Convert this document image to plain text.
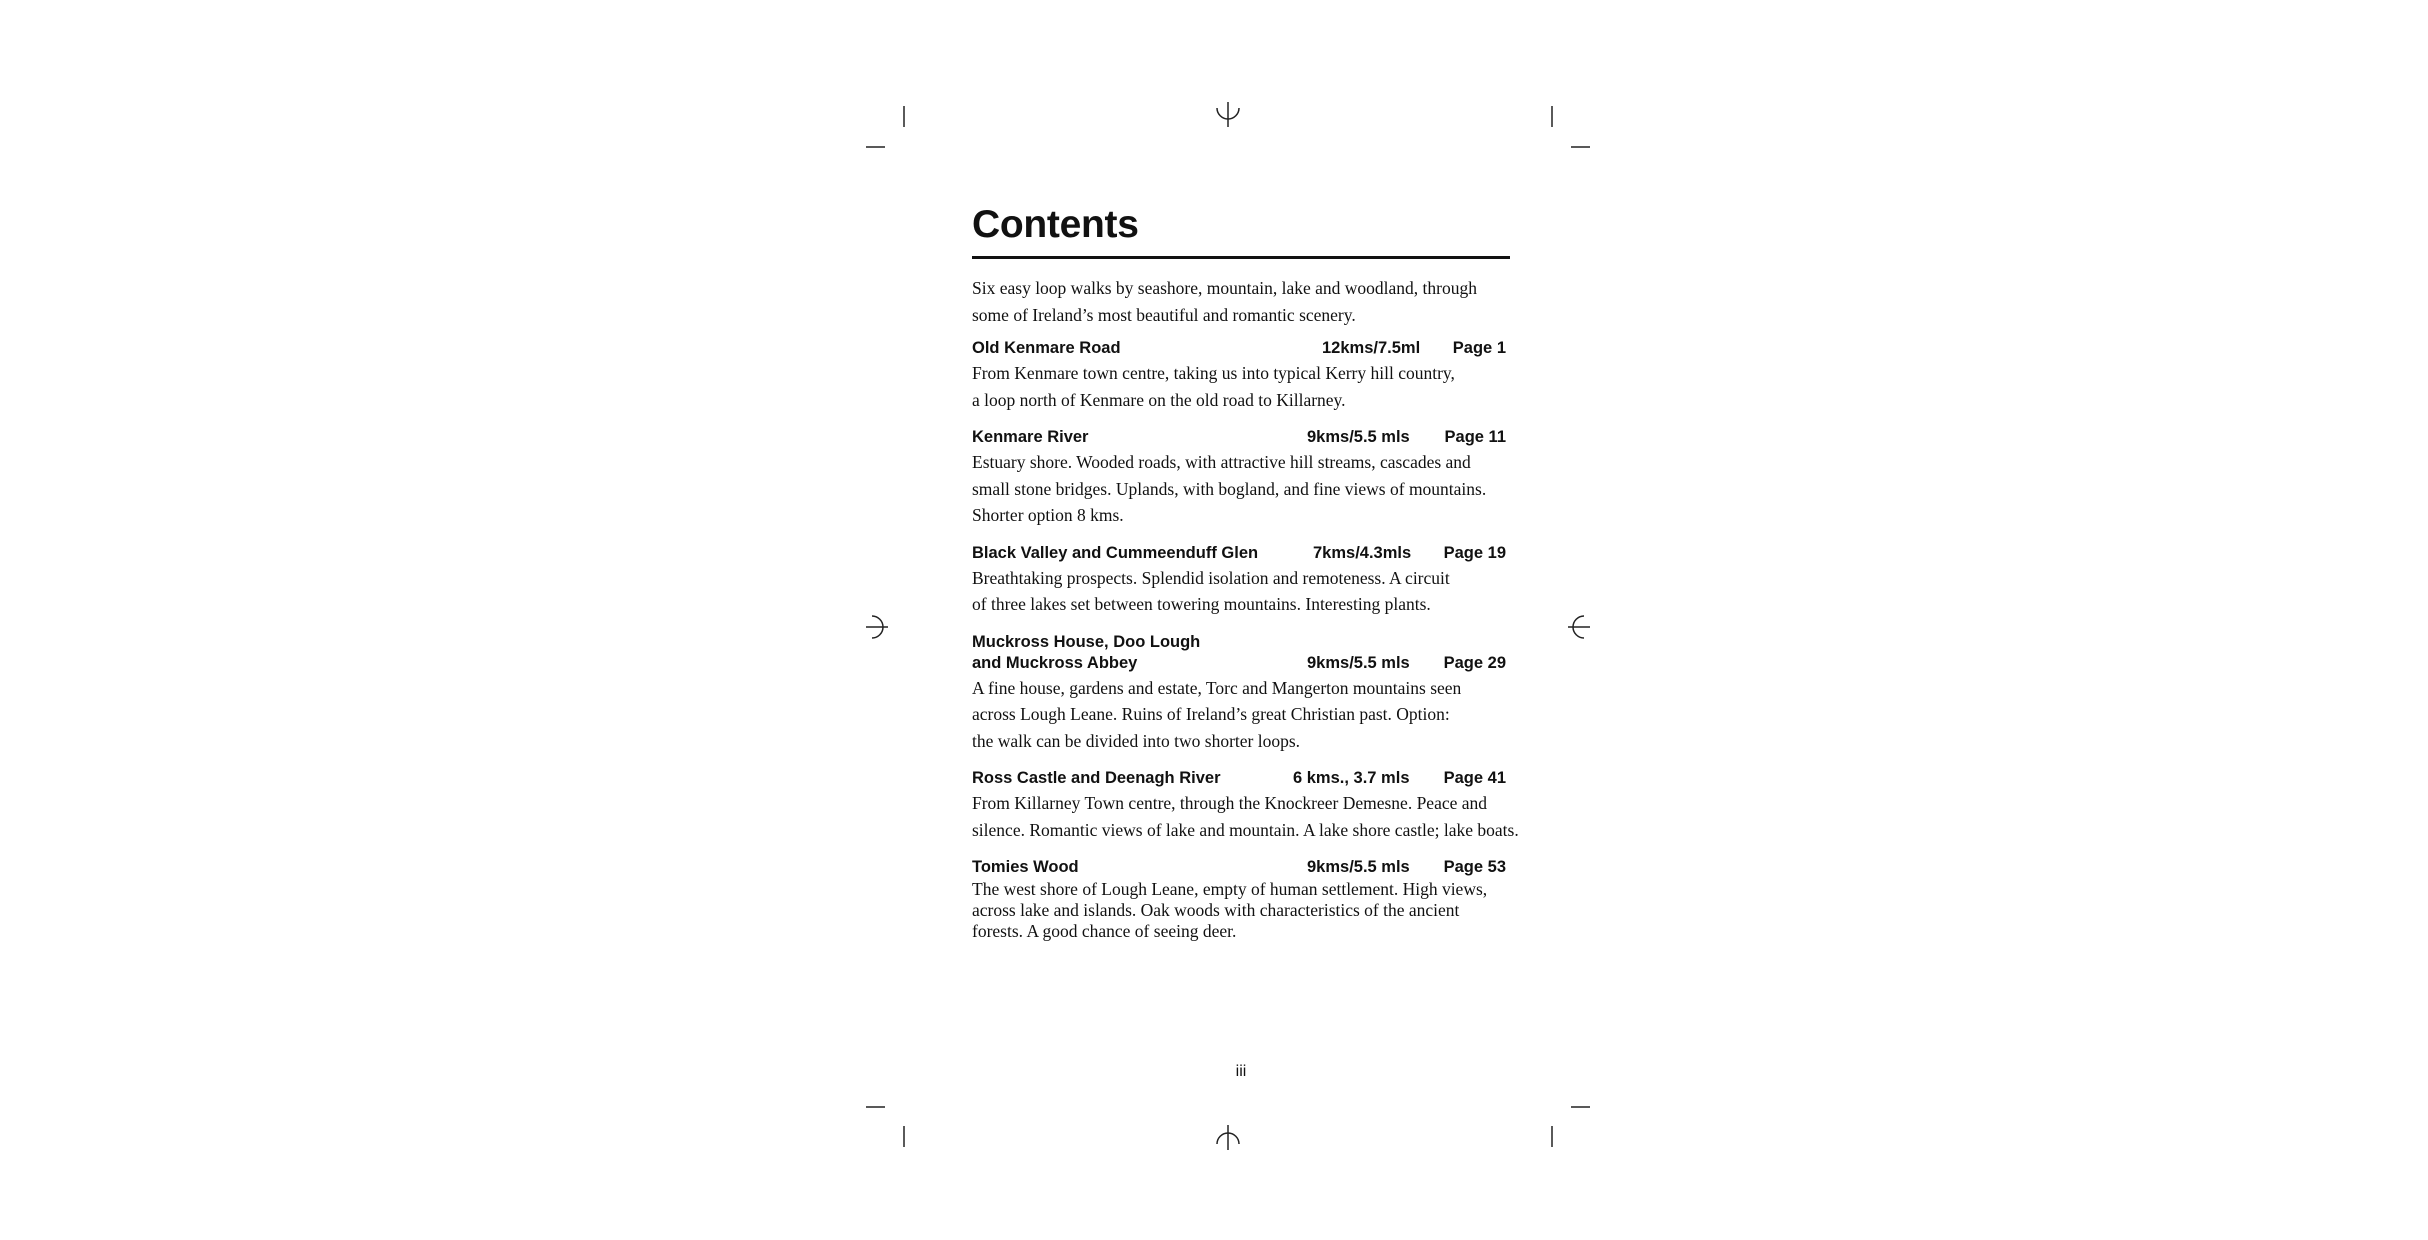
Contents
Six easy loop walks by seashore, mountain, lake and woodland, through
some of Ireland’s most beautiful and romantic scenery.
Old Kenmare Road	12kms/7.5ml Page 1
From Kenmare town centre, taking us into typical Kerry hill country,
a loop north of Kenmare on the old road to Killarney.
Kenmare River	9kms/5.5 mls Page 11
Estuary shore. Wooded roads, with attractive hill streams, cascades and
small stone bridges. Uplands, with bogland, and fine views of mountains.
Shorter option 8 kms.
Black Valley and Cummeenduff Glen	7kms/4.3mls Page 19
Breathtaking prospects. Splendid isolation and remoteness. A circuit
of three lakes set between towering mountains. Interesting plants.
Muckross House, Doo Lough
and Muckross Abbey	9kms/5.5 mls Page 29
A fine house, gardens and estate, Torc and Mangerton mountains seen
across Lough Leane. Ruins of Ireland’s great Christian past. Option:
the walk can be divided into two shorter loops.
Ross Castle and Deenagh River	6 kms., 3.7 mls Page 41
From Killarney Town centre, through the Knockreer Demesne. Peace and
silence. Romantic views of lake and mountain. A lake shore castle; lake boats.
Tomies Wood	9kms/5.5 mls Page 53
The west shore of Lough Leane, empty of human settlement. High views,
across lake and islands. Oak woods with characteristics of the ancient
forests. A good chance of seeing deer.
iii
